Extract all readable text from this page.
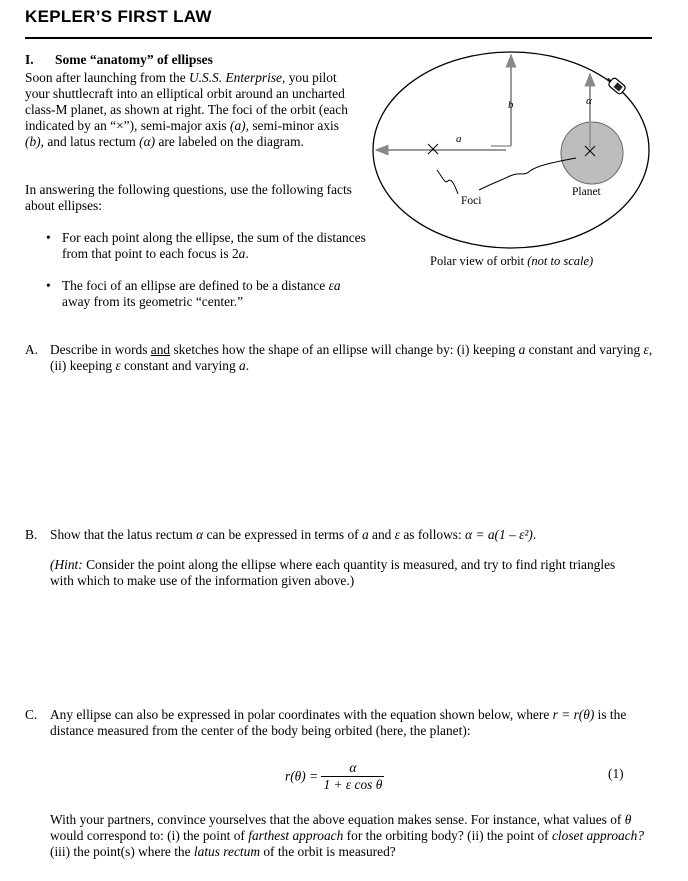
KEPLER’S FIRST LAW
I. Some “anatomy” of ellipses
Soon after launching from the U.S.S. Enterprise, you pilot your shuttlecraft into an elliptical orbit around an uncharted class-M planet, as shown at right. The foci of the orbit (each indicated by an “×”), semi-major axis (a), semi-minor axis (b), and latus rectum (α) are labeled on the diagram.
In answering the following questions, use the following facts about ellipses:
• For each point along the ellipse, the sum of the distances from that point to each focus is 2a.
• The foci of an ellipse are defined to be a distance εa away from its geometric “center.”
a
b	α
Foci
Planet
Polar view of orbit (not to scale)
A. Describe in words and sketches how the shape of an ellipse will change by: (i) keeping a constant and varying ε, (ii) keeping ε constant and varying a.
B. Show that the latus rectum α can be expressed in terms of a and ε as follows: α = a(1 – ε²).
(Hint: Consider the point along the ellipse where each quantity is measured, and try to find right triangles with which to make use of the information given above.)
C. Any ellipse can also be expressed in polar coordinates with the equation shown below, where r = r(θ) is the distance measured from the center of the body being orbited (here, the planet):
$r(\theta) = \frac{\alpha}{\text{1 + ε cos θ}}$	(1)
With your partners, convince yourselves that the above equation makes sense. For instance, what values of θ would correspond to: (i) the point of farthest approach for the orbiting body? (ii) the point of closet approach? (iii) the point(s) where the latus rectum of the orbit is measured?
